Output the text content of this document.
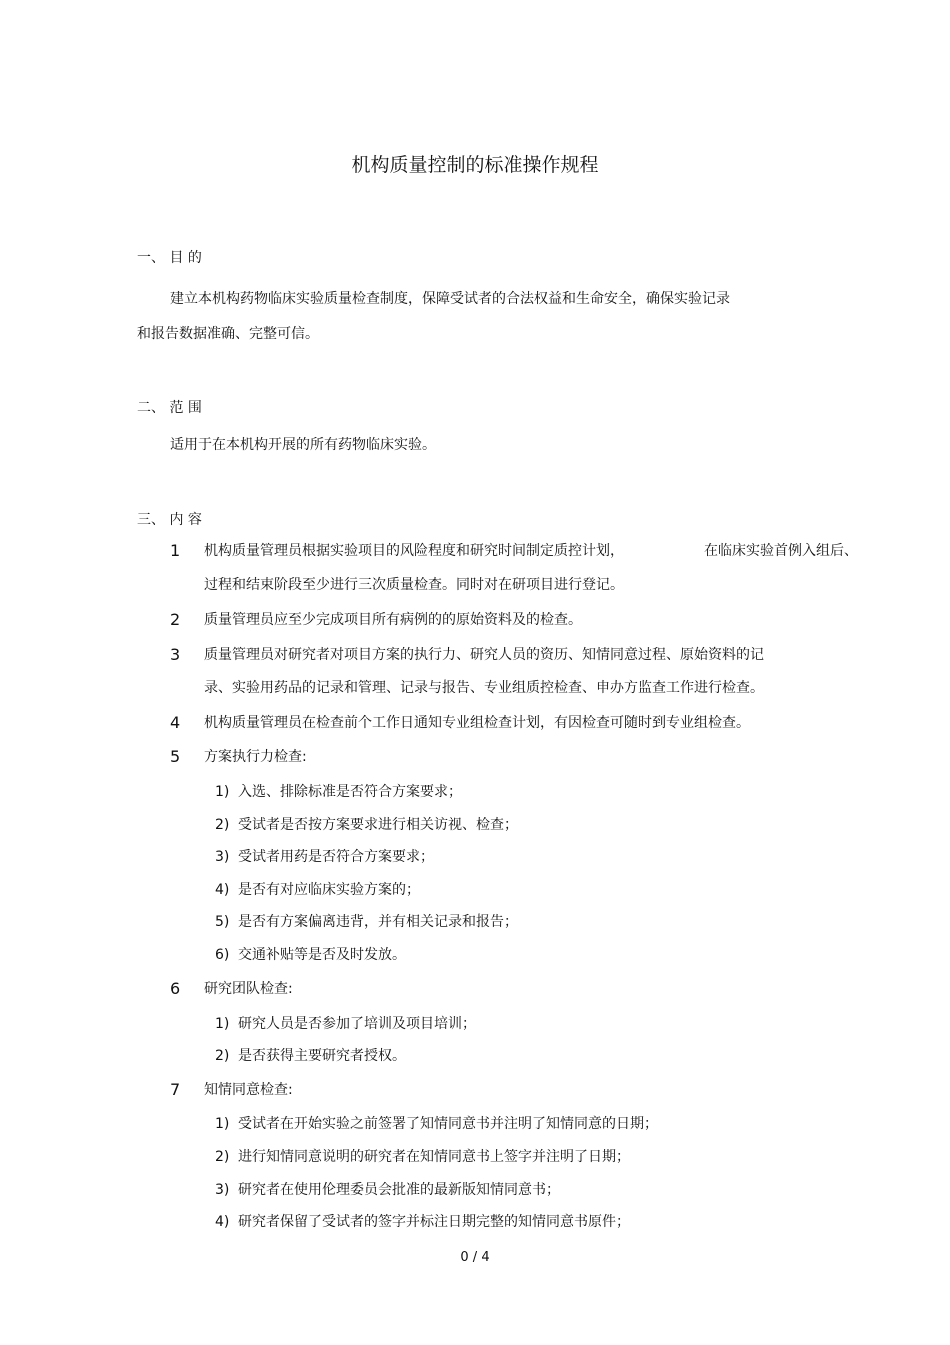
机构质量控制的标准操作规程
一、 目 的
建立本机构药物临床实验质量检查制度，保障受试者的合法权益和生命安全，确保实验记录
和报告数据准确、完整可信。
二、 范 围
适用于在本机构开展的所有药物临床实验。
三、 内 容
1 机构质量管理员根据实验项目的风险程度和研究时间制定质控计划，	在临床实验首例入组后、
过程和结束阶段至少进行三次质量检查。同时对在研项目进行登记。
2 质量管理员应至少完成项目所有病例的的原始资料及的检查。
3 质量管理员对研究者对项目方案的执行力、研究人员的资历、知情同意过程、原始资料的记
录、实验用药品的记录和管理、记录与报告、专业组质控检查、申办方监查工作进行检查。
4 机构质量管理员在检查前个工作日通知专业组检查计划，有因检查可随时到专业组检查。
5 方案执行力检查:
1) 入选、排除标准是否符合方案要求；
2) 受试者是否按方案要求进行相关访视、检查；
3) 受试者用药是否符合方案要求；
4) 是否有对应临床实验方案的；
5) 是否有方案偏离违背，并有相关记录和报告；
6) 交通补贴等是否及时发放。
6 研究团队检查:
1) 研究人员是否参加了培训及项目培训；
2) 是否获得主要研究者授权。
7 知情同意检查:
1) 受试者在开始实验之前签署了知情同意书并注明了知情同意的日期；
2) 进行知情同意说明的研究者在知情同意书上签字并注明了日期；
3) 研究者在使用伦理委员会批准的最新版知情同意书；
4) 研究者保留了受试者的签字并标注日期完整的知情同意书原件；
0 / 4
